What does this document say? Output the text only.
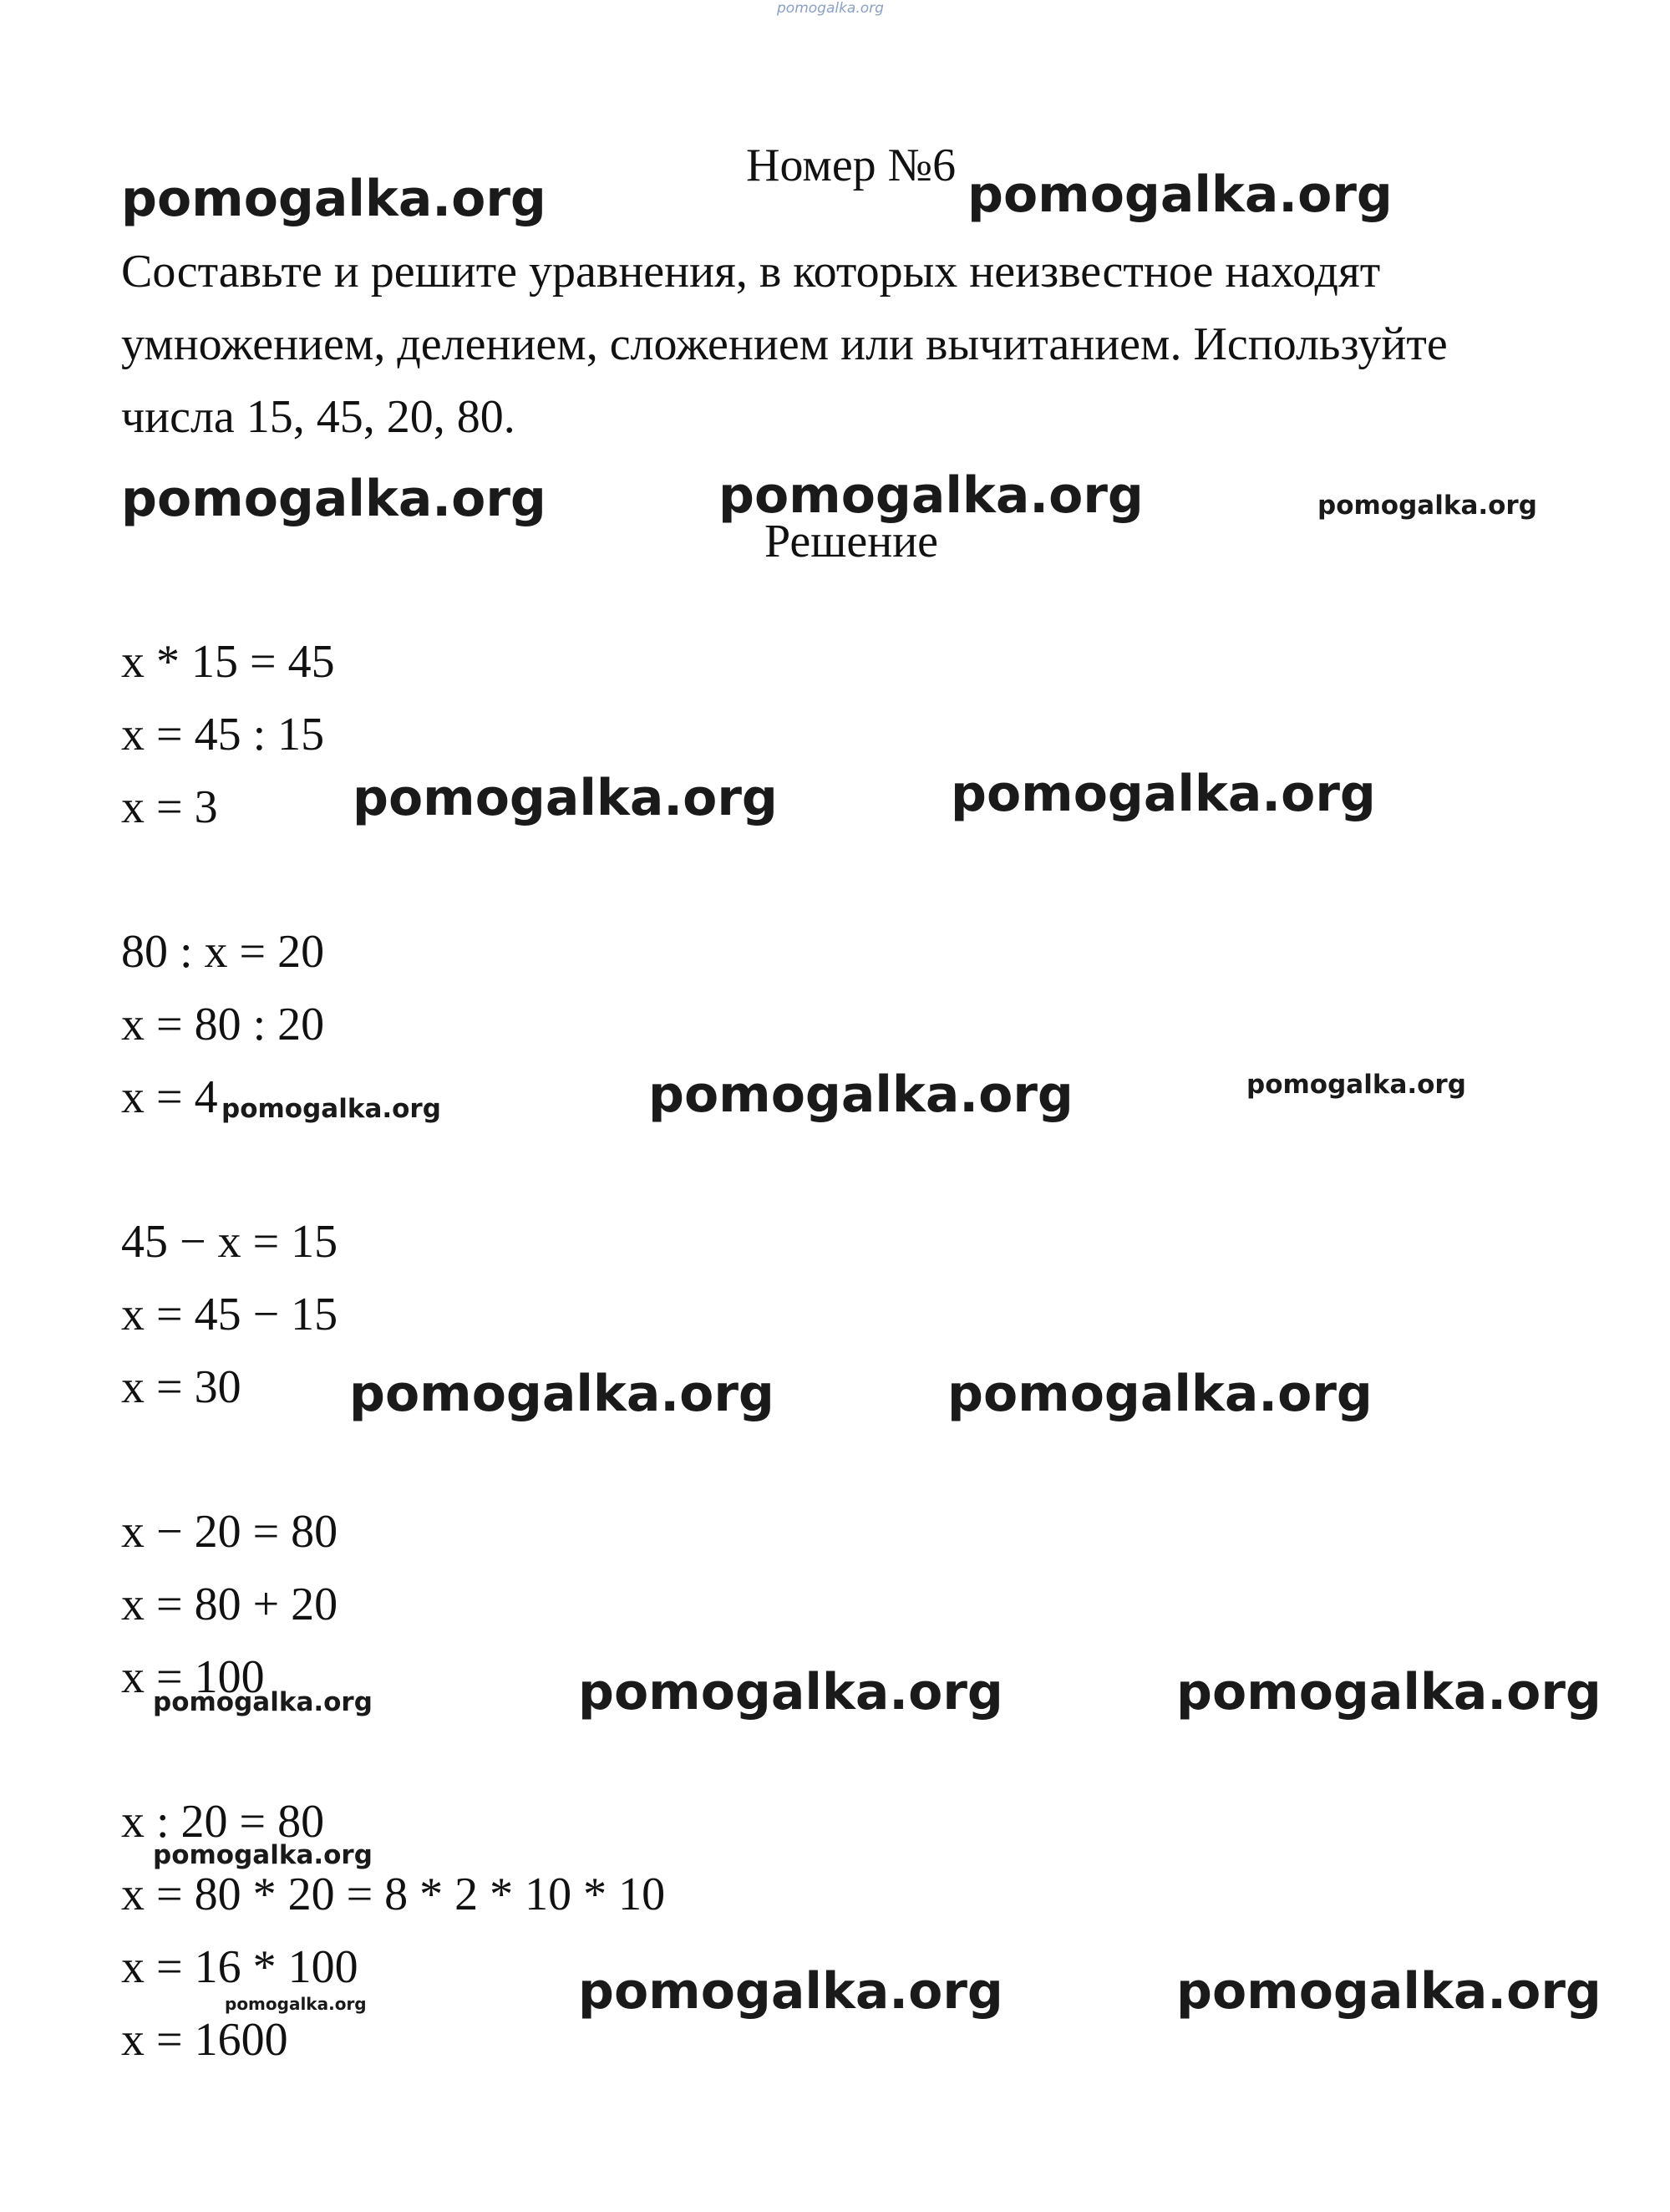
pomogalka.org
Номер №6
pomogalka.org	pomogalka.org
Составьте и решите уравнения, в которых неизвестное находят
умножением, делением, сложением или вычитанием. Используйте
числа 15, 45, 20, 80.
pomogalka.org	pomogalka.org	pomogalka.org
Решение
x * 15 = 45
x = 45 : 15
x = 3	pomogalka.org	pomogalka.org
80 : x = 20
x = 80 : 20
x = 4 pomogalka.org	pomogalka.org	pomogalka.org
45 − x = 15
x = 45 − 15
x = 30 pomogalka.org	pomogalka.org
x − 20 = 80
x = 80 + 20
x = 100
pomogalka.org	pomogalka.org	pomogalka.org
x : 20 = 80
pomogalka.org
x = 80 * 20 = 8 * 2 * 10 * 10
x = 16 * 100
pomogalka.org
x = 1600
pomogalka.org	pomogalka.org
